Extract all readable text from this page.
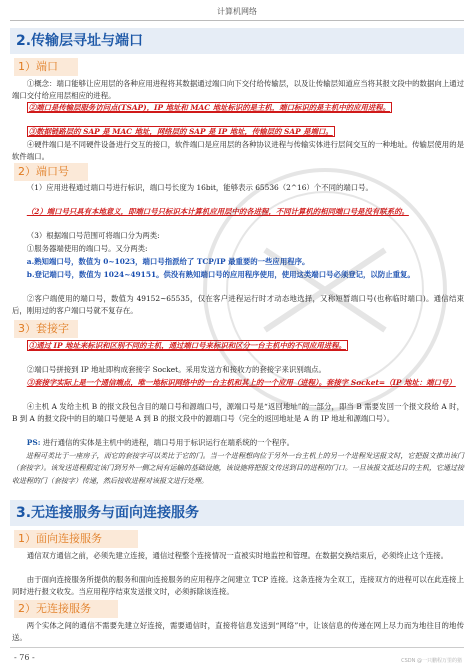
计算机网络
2.传输层寻址与端口
1）端口
①概念：端口能够让应用层的各种应用进程将其数据通过端口向下交付给传输层，以及让传输层知道应当将其报文段中的数据向上通过端口交付给应用层相应的进程。
②端口是传输层服务访问点(TSAP)，IP 地址和 MAC 地址标识的是主机，端口标识的是主机中的应用进程。
③数据链路层的 SAP 是 MAC 地址，网络层的 SAP 是 IP 地址，传输层的 SAP 是端口。
④硬件端口是不同硬件设备进行交互的接口，软件端口是应用层的各种协议进程与传输实体进行层间交互的一种地址。传输层使用的是软件端口。
2）端口号
（1）应用进程通过端口号进行标识，端口号长度为 16bit，能够表示 65536（2^16）个不同的端口号。
（2）端口号只具有本地意义，即端口号只标识本计算机应用层中的各进程，不同计算机的相同端口号是没有联系的。
（3）根据端口号范围可将端口分为两类:
①服务器端使用的端口号。又分两类:
a.熟知端口号，数值为 0~1023，端口号指派给了 TCP/IP 最重要的一些应用程序。
b.登记端口号，数值为 1024~49151。供没有熟知端口号的应用程序使用，使用这类端口号必须登记，以防止重复。
②客户端使用的端口号，数值为 49152~65535，仅在客户进程运行时才动态地选择，又称短暂端口号(也称临时端口)。通信结束后，刚用过的客户端口号就不复存在。
3）套接字
①通过 IP 地址来标识和区别不同的主机，通过端口号来标识和区分一台主机中的不同应用进程。
②端口号拼接到 IP 地址即构成套接字 Socket。采用发送方和接收方的套接字来识别端点。
③套接字实际上是一个通信端点，唯一地标识网络中的一台主机和其上的一个应用（进程）。套接字 Socket=（IP 地址：端口号）
④主机 A 发给主机 B 的报文段包含目的端口号和源端口号，源端口号是“返回地址”的一部分，即当 B 需要发回一个报文段给 A 时，B 到 A 的报文段中的目的端口号便是 A 到 B 的报文段中的源端口号（完全的返回地址是 A 的 IP 地址和源端口号）。
PS: 进行通信的实体是主机中的进程，端口号用于标识运行在端系统的一个程序。
进程可类比于一座房子，而它的套接字可以类比于它的门。当一个进程想向位于另外一台主机上的另一个进程发送报文时，它把报文推出该门（套接字）。该发送进程假定该门到另外一侧之间有运输的基础设施，该设施将把报文传送到目的进程的门口。一旦该报文抵达目的主机，它通过接收进程的门（套接字）传递，然后接收进程对该报文进行处理。
3.无连接服务与面向连接服务
1）面向连接服务
通信双方通信之前，必须先建立连接，通信过程整个连接情况一直被实时地监控和管理。在数据交换结束后，必须终止这个连接。
由于面向连接服务所提供的服务和面向连接服务的应用程序之间建立 TCP 连接。这条连接为全双工，连接双方的进程可以在此连接上同时进行报文收发。当应用程序结束发送报文时，必须拆除该连接。
2）无连接服务
两个实体之间的通信不需要先建立好连接，需要通信时，直接将信息发送到“网络”中，让该信息的传递在网上尽力而为地往目的地传送。
- 76 -	CSDN @一只鹏程万里的猪
